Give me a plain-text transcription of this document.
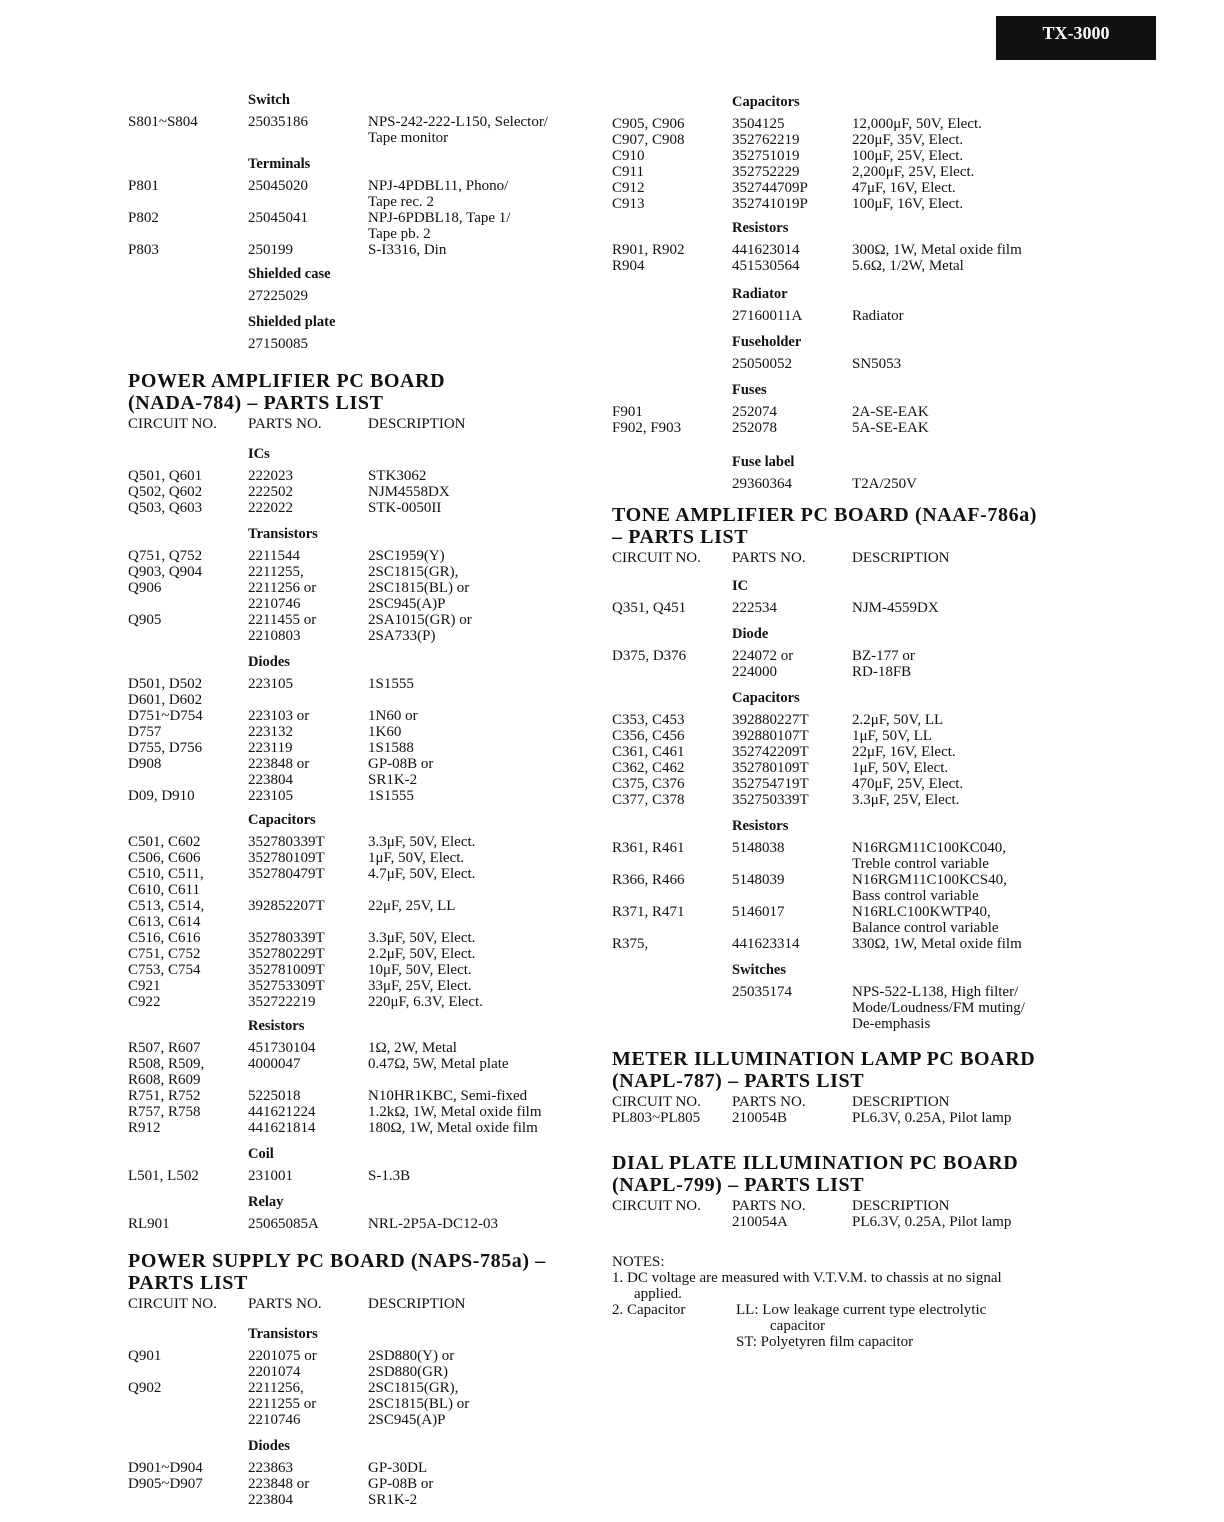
TX-3000
Switch
S801~S804	25035186	NPS-242-222-L150, Selector/
Tape monitor
Terminals
P801	25045020	NPJ-4PDBL11, Phono/
Tape rec. 2
P802	25045041	NPJ-6PDBL18, Tape 1/
Tape pb. 2
P803	250199	S-I3316, Din
Shielded case
27225029
Shielded plate
27150085
POWER AMPLIFIER PC BOARD
(NADA-784) – PARTS LIST
CIRCUIT NO.	PARTS NO.	DESCRIPTION
ICs
Q501, Q601	222023	STK3062
Q502, Q602	222502	NJM4558DX
Q503, Q603	222022	STK-0050II
Transistors
Q751, Q752	2211544	2SC1959(Y)
Q903, Q904	2211255,	2SC1815(GR),
Q906	2211256 or	2SC1815(BL) or
2210746	2SC945(A)P
Q905	2211455 or	2SA1015(GR) or
2210803	2SA733(P)
Diodes
D501, D502	223105	1S1555
D601, D602
D751~D754	223103 or	1N60 or
D757	223132	1K60
D755, D756	223119	1S1588
D908	223848 or	GP-08B or
223804	SR1K-2
D09, D910	223105	1S1555
Capacitors
C501, C602	352780339T	3.3μF, 50V, Elect.
C506, C606	352780109T	1μF, 50V, Elect.
C510, C511,	352780479T	4.7μF, 50V, Elect.
C610, C611
C513, C514,	392852207T	22μF, 25V, LL
C613, C614
C516, C616	352780339T	3.3μF, 50V, Elect.
C751, C752	352780229T	2.2μF, 50V, Elect.
C753, C754	352781009T	10μF, 50V, Elect.
C921	352753309T	33μF, 25V, Elect.
C922	352722219	220μF, 6.3V, Elect.
Resistors
R507, R607	451730104	1Ω, 2W, Metal
R508, R509,	4000047	0.47Ω, 5W, Metal plate
R608, R609
R751, R752	5225018	N10HR1KBC, Semi-fixed
R757, R758	441621224	1.2kΩ, 1W, Metal oxide film
R912	441621814	180Ω, 1W, Metal oxide film
Coil
L501, L502	231001	S-1.3B
Relay
RL901	25065085A	NRL-2P5A-DC12-03
POWER SUPPLY PC BOARD (NAPS-785a) –
PARTS LIST
CIRCUIT NO.	PARTS NO.	DESCRIPTION
Transistors
Q901	2201075 or	2SD880(Y) or
2201074	2SD880(GR)
Q902	2211256,	2SC1815(GR),
2211255 or	2SC1815(BL) or
2210746	2SC945(A)P
Diodes
D901~D904	223863	GP-30DL
D905~D907	223848 or	GP-08B or
223804	SR1K-2
Capacitors
C905, C906	3504125	12,000μF, 50V, Elect.
C907, C908	352762219	220μF, 35V, Elect.
C910	352751019	100μF, 25V, Elect.
C911	352752229	2,200μF, 25V, Elect.
C912	352744709P	47μF, 16V, Elect.
C913	352741019P	100μF, 16V, Elect.
Resistors
R901, R902	441623014	300Ω, 1W, Metal oxide film
R904	451530564	5.6Ω, 1/2W, Metal
Radiator
27160011A	Radiator
Fuseholder
25050052	SN5053
Fuses
F901	252074	2A-SE-EAK
F902, F903	252078	5A-SE-EAK
Fuse label
29360364	T2A/250V
TONE AMPLIFIER PC BOARD (NAAF-786a)
– PARTS LIST
CIRCUIT NO.	PARTS NO.	DESCRIPTION
IC
Q351, Q451	222534	NJM-4559DX
Diode
D375, D376	224072 or	BZ-177 or
224000	RD-18FB
Capacitors
C353, C453	392880227T	2.2μF, 50V, LL
C356, C456	392880107T	1μF, 50V, LL
C361, C461	352742209T	22μF, 16V, Elect.
C362, C462	352780109T	1μF, 50V, Elect.
C375, C376	352754719T	470μF, 25V, Elect.
C377, C378	352750339T	3.3μF, 25V, Elect.
Resistors
R361, R461	5148038	N16RGM11C100KC040,
Treble control variable
R366, R466	5148039	N16RGM11C100KCS40,
Bass control variable
R371, R471	5146017	N16RLC100KWTP40,
Balance control variable
R375,	441623314	330Ω, 1W, Metal oxide film
Switches
25035174	NPS-522-L138, High filter/
Mode/Loudness/FM muting/
De-emphasis
METER ILLUMINATION LAMP PC BOARD
(NAPL-787) – PARTS LIST
CIRCUIT NO.	PARTS NO.	DESCRIPTION
PL803~PL805	210054B	PL6.3V, 0.25A, Pilot lamp
DIAL PLATE ILLUMINATION PC BOARD
(NAPL-799) – PARTS LIST
CIRCUIT NO.	PARTS NO.	DESCRIPTION
210054A	PL6.3V, 0.25A, Pilot lamp
NOTES:
1. DC voltage are measured with V.T.V.M. to chassis at no signal
applied.
2. Capacitor	LL: Low leakage current type electrolytic
capacitor
ST: Polyetyren film capacitor
